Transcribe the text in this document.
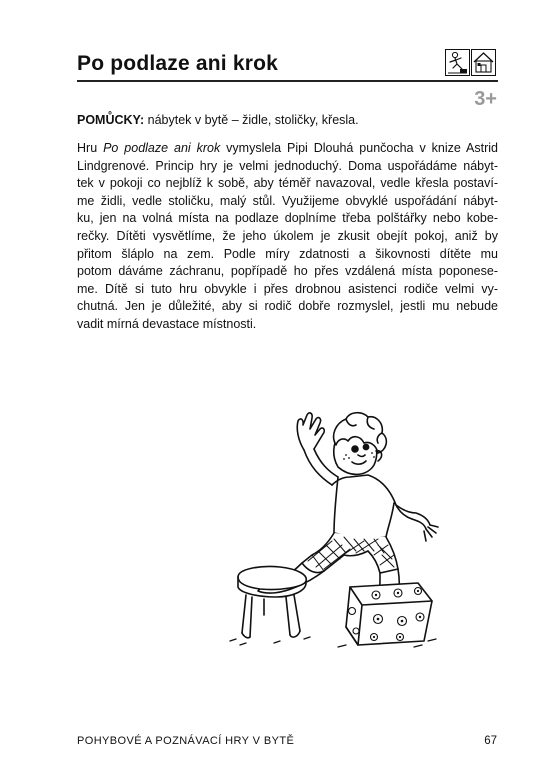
Po podlaze ani krok
3+
POMŮCKY: nábytek v bytě – židle, stoličky, křesla.
Hru Po podlaze ani krok vymyslela Pipi Dlouhá punčocha v knize Astrid
Lindgrenové. Princip hry je velmi jednoduchý. Doma uspořádáme nábyt-
tek v pokoji co nejblíž k sobě, aby téměř navazoval, vedle křesla postaví-
me židli, vedle stoličku, malý stůl. Využijeme obvyklé uspořádání nábyt-
ku, jen na volná místa na podlaze doplníme třeba polštářky nebo kobe-
rečky. Dítěti vysvětlíme, že jeho úkolem je zkusit obejít pokoj, aniž by
přitom šláplo na zem. Podle míry zdatnosti a šikovnosti dítěte mu
potom dáváme záchranu, popřípadě ho přes vzdálená místa poponese-
me. Dítě si tuto hru obvykle i přes drobnou asistenci rodiče velmi vy-
chutná. Jen je důležité, aby si rodič dobře rozmyslel, jestli mu nebude
vadit mírná devastace místnosti.
POHYBOVÉ A POZNÁVACÍ HRY V BYTĚ	67
